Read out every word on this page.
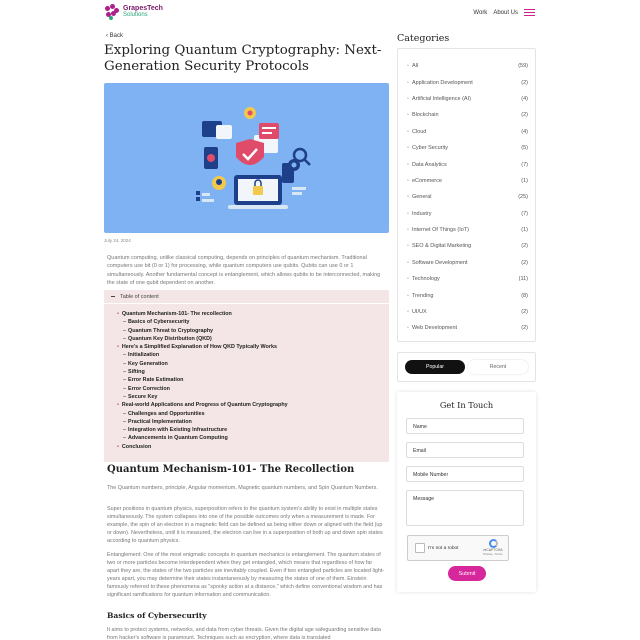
GrapesTech
Solutions	Work About Us
‹ Back
Exploring Quantum Cryptography: Next-Generation Security Protocols
July 24, 2024

Quantum computing, unlike classical computing, depends on principles of quantum mechanism. Traditional computers use bit (0 or 1) for processing, while quantum computers use qubits. Qubits can use 0 or 1 simultaneously. Another fundamental concept is entanglement, which allows qubits to be interconnected, making the state of one qubit dependent on another.

Table of content
• Quantum Mechanism-101- The recollection
– Basics of Cybersecurity
– Quantum Threat to Cryptography
– Quantum Key Distribution (QKD)
• Here's a Simplified Explanation of How QKD Typically Works
– Initialization
– Key Generation
– Sifting
– Error Rate Estimation
– Error Correction
– Secure Key
• Real-world Applications and Progress of Quantum Cryptography
– Challenges and Opportunities
– Practical Implementation
– Integration with Existing Infrastructure
– Advancements in Quantum Computing
• Conclusion
Quantum Mechanism-101- The Recollection

The Quantum numbers, principle, Angular momentum, Magnetic quantum numbers, and Spin Quantum Numbers.

Super positions in quantum physics, superposition refers to the quantum system's ability to exist in multiple states simultaneously. The system collapses into one of the possible outcomes only when a measurement is made. For example, the spin of an electron in a magnetic field can be defined as being either down or aligned with the field (up or down). Nevertheless, until it is measured, the electron can live in a superposition of both up and down spin states according to quantum physics.

Entanglement: One of the most enigmatic concepts in quantum mechanics is entanglement. The quantum states of two or more particles become interdependent when they get entangled, which means that regardless of how far apart they are, the states of the two particles are inevitably coupled. Even if two entangled particles are located light-years apart, you may determine their states instantaneously by measuring the states of one of them. Einstein famously referred to these phenomena as "spooky action at a distance," which define conventional wisdom and has significant ramifications for quantum information and communication.

Basics of Cybersecurity

It aims to protect systems, networks, and data from cyber threats. Given the digital age safeguarding sensitive data from hacker's software is paramount. Techniques such as encryption, where data is translated

Categories
• All	(59)
• Application Development	(2)
• Artificial Intelligence (AI)	(4)
• Blockchain	(2)
• Cloud	(4)
• Cyber Security	(5)
• Data Analytics	(7)
• eCommerce	(1)
• General	(25)
• Industry	(7)
• Internet Of Things (IoT)	(1)
• SEO & Digital Marketing	(2)
• Software Development	(2)
• Technology	(11)
• Trending	(8)
• UI/UX	(2)
• Web Development	(2)
Popular	Recent
Get In Touch
Name
Email
Mobile Number
Message
I'm not a robot	reCAPTCHA
Privacy - Terms
Submit
